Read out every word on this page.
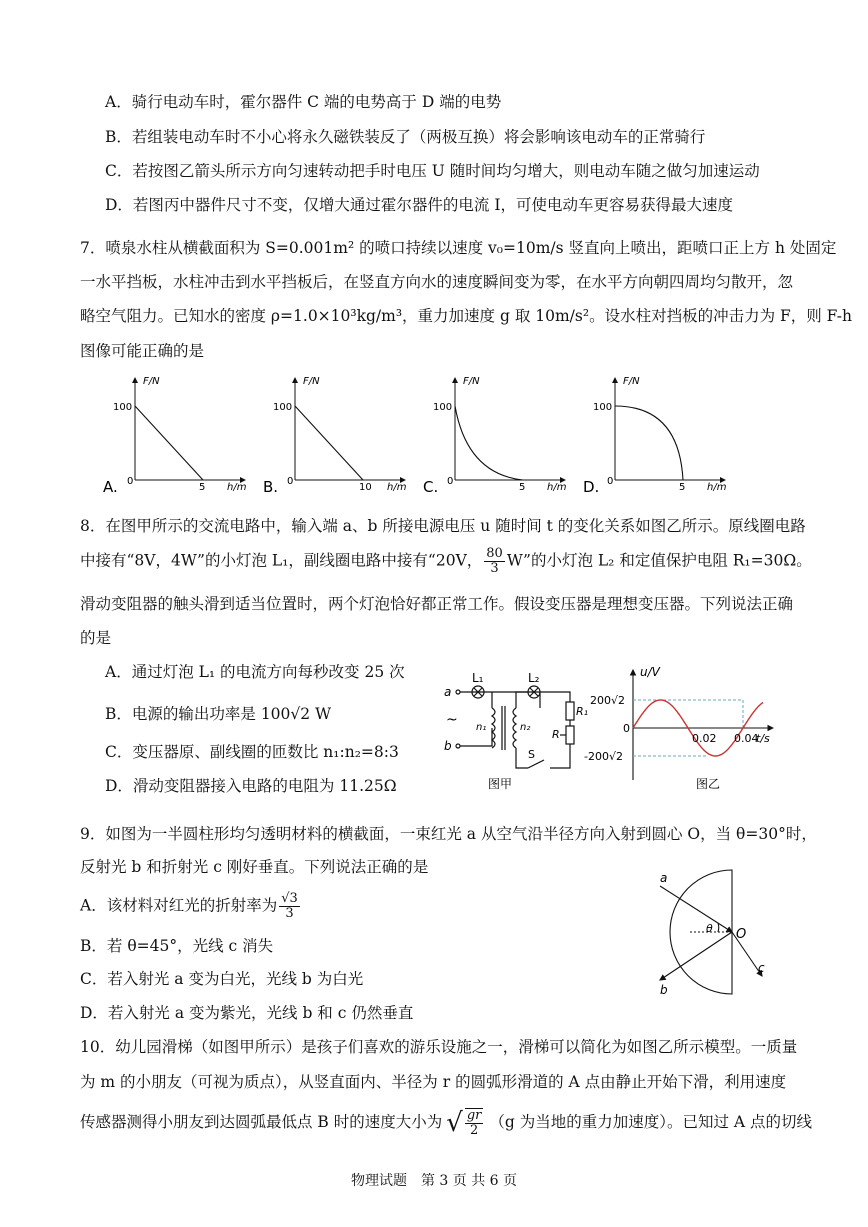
A．骑行电动车时，霍尔器件 C 端的电势高于 D 端的电势
B．若组装电动车时不小心将永久磁铁装反了（两极互换）将会影响该电动车的正常骑行
C．若按图乙箭头所示方向匀速转动把手时电压 U 随时间均匀增大，则电动车随之做匀加速运动
D．若图丙中器件尺寸不变，仅增大通过霍尔器件的电流 I，可使电动车更容易获得最大速度
7．喷泉水柱从横截面积为 S=0.001m² 的喷口持续以速度 v₀=10m/s 竖直向上喷出，距喷口正上方 h 处固定
一水平挡板，水柱冲击到水平挡板后，在竖直方向水的速度瞬间变为零，在水平方向朝四周均匀散开，忽
略空气阻力。已知水的密度 ρ=1.0×10³kg/m³，重力加速度 g 取 10m/s²。设水柱对挡板的冲击力为 F，则 F-h
图像可能正确的是
F/N
100
0
5 h/m
A.
F/N
100
0
10 h/m
B.
F/N
100
0
5 h/m
C.
F/N
100
0
5 h/m
D.
8．在图甲所示的交流电路中，输入端 a、b 所接电源电压 u 随时间 t 的变化关系如图乙所示。原线圈电路
中接有“8V，4W”的小灯泡 L₁，副线圈电路中接有“20V， $\frac{80}{3} W$”的小灯泡 L₂ 和定值保护电阻 R₁=30Ω。
滑动变阻器的触头滑到适当位置时，两个灯泡恰好都正常工作。假设变压器是理想变压器。下列说法正确
的是
A．通过灯泡 L₁ 的电流方向每秒改变 25 次
B．电源的输出功率是 100√2 W
C．变压器原、副线圈的匝数比 n₁:n₂=8:3
D．滑动变阻器接入电路的电阻为 11.25Ω
L₁	L₂
a
b
~ n₁	n₂
R₁
R
S
图甲
u/V
t/s
200√2
-200√2
0
0.02 0.04
图乙
9．如图为一半圆柱形均匀透明材料的横截面，一束红光 a 从空气沿半径方向入射到圆心 O，当 θ=30°时，
反射光 b 和折射光 c 刚好垂直。下列说法正确的是
A．该材料对红光的折射率为 $\frac{√3}{3}$
B．若 θ=45°，光线 c 消失
C．若入射光 a 变为白光，光线 b 为白光
D．若入射光 a 变为紫光，光线 b 和 c 仍然垂直
a
b
c
O
θ
10．幼儿园滑梯（如图甲所示）是孩子们喜欢的游乐设施之一，滑梯可以简化为如图乙所示模型。一质量
为 m 的小朋友（可视为质点），从竖直面内、半径为 r 的圆弧形滑道的 A 点由静止开始下滑，利用速度
传感器测得小朋友到达圆弧最低点 B 时的速度大小为 √ $\frac{gr}{2} (g$ 为当地的重力加速度）。已知过 A 点的切线
物理试题　第 3 页 共 6 页
